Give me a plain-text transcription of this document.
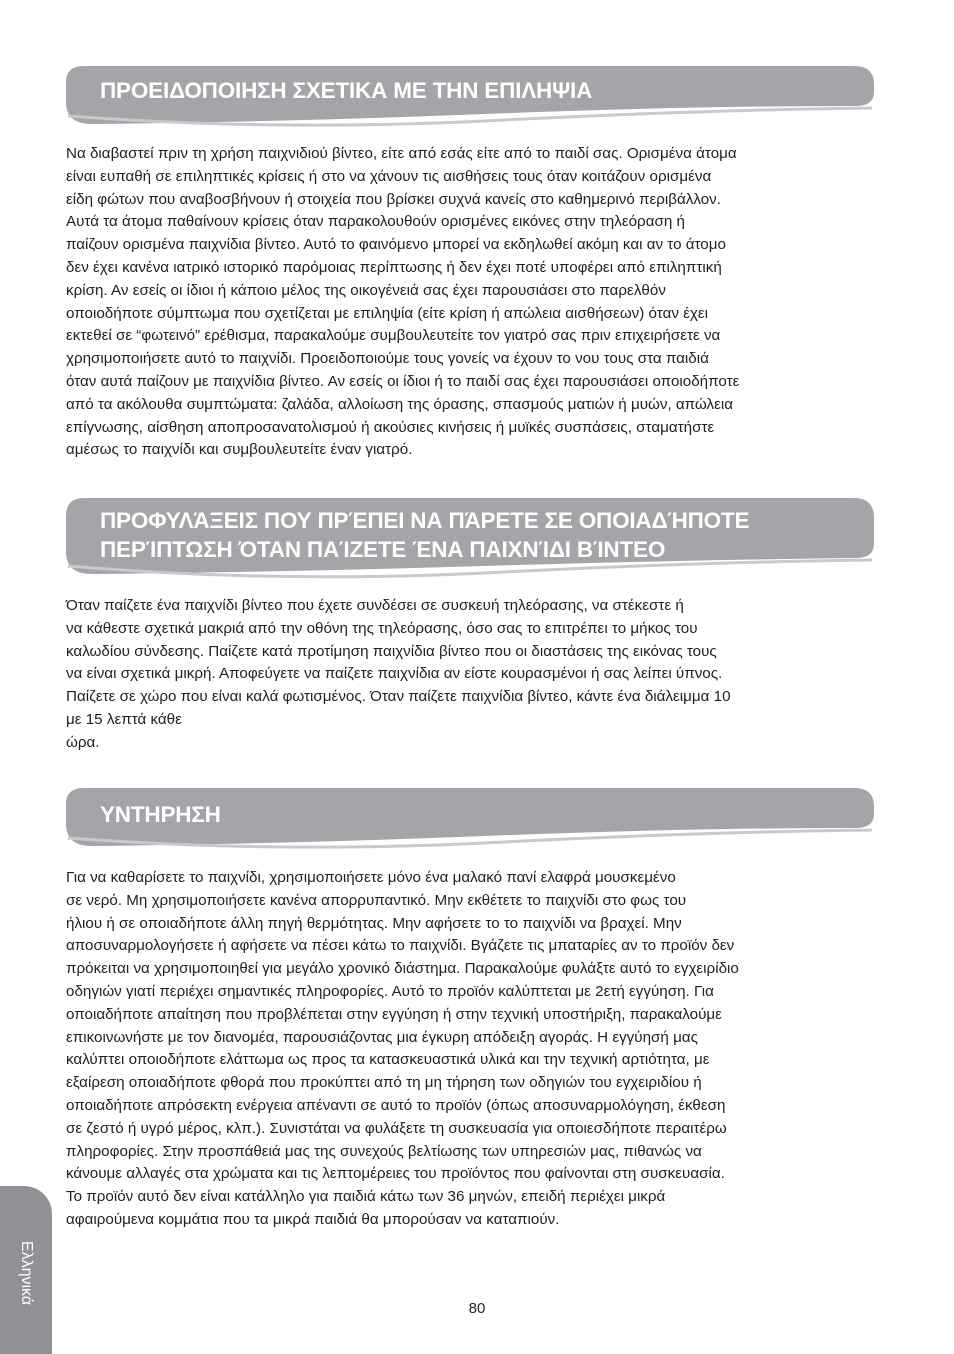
ΠΡΟΕΙΔΟΠΟΙΗΣΗ ΣΧΕΤΙΚΑ ΜΕ ΤΗΝ ΕΠΙΛΗΨΙΑ

Να διαβαστεί πριν τη χρήση παιχνιδιού βίντεο, είτε από εσάς είτε από το παιδί σας. Ορισμένα άτομα

είναι ευπαθή σε επιληπτικές κρίσεις ή στο να χάνουν τις αισθήσεις τους όταν κοιτάζουν ορισμένα

είδη φώτων που αναβοσβήνουν ή στοιχεία που βρίσκει συχνά κανείς στο καθημερινό περιβάλλον.

Αυτά τα άτομα παθαίνουν κρίσεις όταν παρακολουθούν ορισμένες εικόνες στην τηλεόραση ή

παίζουν ορισμένα παιχνίδια βίντεο. Αυτό το φαινόμενο μπορεί να εκδηλωθεί ακόμη και αν το άτομο

δεν έχει κανένα ιατρικό ιστορικό παρόμοιας περίπτωσης ή δεν έχει ποτέ υποφέρει από επιληπτική

κρίση. Αν εσείς οι ίδιοι ή κάποιο μέλος της οικογένειά σας έχει παρουσιάσει στο παρελθόν

οποιοδήποτε σύμπτωμα που σχετίζεται με επιληψία (είτε κρίση ή απώλεια αισθήσεων) όταν έχει

εκτεθεί σε “φωτεινό” ερέθισμα, παρακαλούμε συμβουλευτείτε τον γιατρό σας πριν επιχειρήσετε να

χρησιμοποιήσετε αυτό το παιχνίδι. Προειδοποιούμε τους γονείς να έχουν το νου τους στα παιδιά

όταν αυτά παίζουν με παιχνίδια βίντεο. Αν εσείς οι ίδιοι ή το παιδί σας έχει παρουσιάσει οποιοδήποτε

από τα ακόλουθα συμπτώματα: ζαλάδα, αλλοίωση της όρασης, σπασμούς ματιών ή μυών, απώλεια

επίγνωσης, αίσθηση αποπροσανατολισμού ή ακούσιες κινήσεις ή μυϊκές συσπάσεις, σταματήστε

αμέσως το παιχνίδι και συμβουλευτείτε έναν γιατρό.

ΠΡΟΦΥΛΆΞΕΙΣ ΠΟΥ ΠΡΈΠΕΙ ΝΑ ΠΆΡΕΤΕ ΣΕ ΟΠΟΙΑΔΉΠΟΤΕ
ΠΕΡΊΠΤΩΣΗ ΌΤΑΝ ΠΑΊΖΕΤΕ ΈΝΑ ΠΑΙΧΝΊΔΙ ΒΊΝΤΕΟ

Όταν παίζετε ένα παιχνίδι βίντεο που έχετε συνδέσει σε συσκευή τηλεόρασης, να στέκεστε ή

να κάθεστε σχετικά μακριά από την οθόνη της τηλεόρασης, όσο σας το επιτρέπει το μήκος του

καλωδίου σύνδεσης. Παίζετε κατά προτίμηση παιχνίδια βίντεο που οι διαστάσεις της εικόνας τους

να είναι σχετικά μικρή. Αποφεύγετε να παίζετε παιχνίδια αν είστε κουρασμένοι ή σας λείπει ύπνος.

Παίζετε σε χώρο που είναι καλά φωτισμένος. Όταν παίζετε παιχνίδια βίντεο, κάντε ένα διάλειμμα 10

με 15 λεπτά κάθε

ώρα.

ΥΝΤΗΡΗΣΗ

Για να καθαρίσετε το παιχνίδι, χρησιμοποιήσετε μόνο ένα μαλακό πανί ελαφρά μουσκεμένο

σε νερό. Μη χρησιμοποιήσετε κανένα απορρυπαντικό. Μην εκθέτετε το παιχνίδι στο φως του

ήλιου ή σε οποιαδήποτε άλλη πηγή θερμότητας. Μην αφήσετε το το παιχνίδι να βραχεί. Μην

αποσυναρμολογήσετε ή αφήσετε να πέσει κάτω το παιχνίδι. Βγάζετε τις μπαταρίες αν το προϊόν δεν

πρόκειται να χρησιμοποιηθεί για μεγάλο χρονικό διάστημα. Παρακαλούμε φυλάξτε αυτό το εγχειρίδιο

οδηγιών γιατί περιέχει σημαντικές πληροφορίες. Αυτό το προϊόν καλύπτεται με 2ετή εγγύηση. Για

οποιαδήποτε απαίτηση που προβλέπεται στην εγγύηση ή στην τεχνική υποστήριξη, παρακαλούμε

επικοινωνήστε με τον διανομέα, παρουσιάζοντας μια έγκυρη απόδειξη αγοράς. Η εγγύησή μας

καλύπτει οποιοδήποτε ελάττωμα ως προς τα κατασκευαστικά υλικά και την τεχνική αρτιότητα, με

εξαίρεση οποιαδήποτε φθορά που προκύπτει από τη μη τήρηση των οδηγιών του εγχειριδίου ή

οποιαδήποτε απρόσεκτη ενέργεια απέναντι σε αυτό το προϊόν (όπως αποσυναρμολόγηση, έκθεση

σε ζεστό ή υγρό μέρος, κλπ.). Συνιστάται να φυλάξετε τη συσκευασία για οποιεσδήποτε περαιτέρω

πληροφορίες. Στην προσπάθειά μας της συνεχούς βελτίωσης των υπηρεσιών μας, πιθανώς να

κάνουμε αλλαγές στα χρώματα και τις λεπτομέρειες του προϊόντος που φαίνονται στη συσκευασία.

Το προϊόν αυτό δεν είναι κατάλληλο για παιδιά κάτω των 36 μηνών, επειδή περιέχει μικρά

αφαιρούμενα κομμάτια που τα μικρά παιδιά θα μπορούσαν να καταπιούν.

Ελληνικά
80
